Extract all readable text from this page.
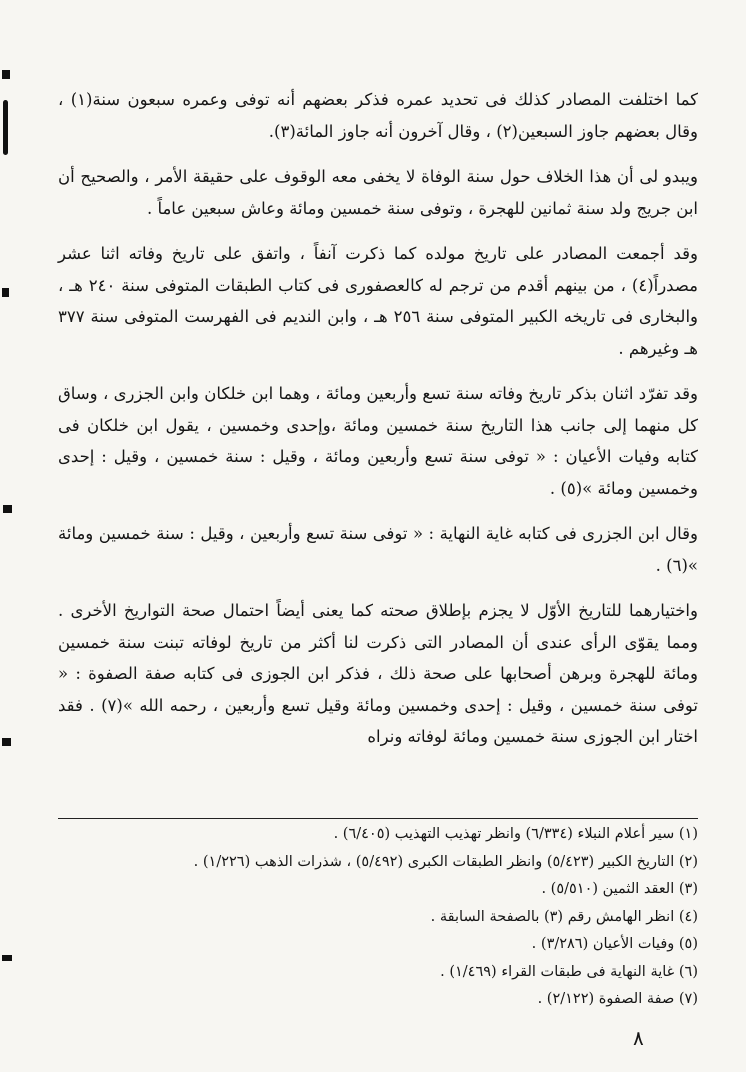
كما اختلفت المصادر كذلك فى تحديد عمره فذكر بعضهم أنه توفى وعمره سبعون سنة(١) ، وقال بعضهم جاوز السبعين(٢) ، وقال آخرون أنه جاوز المائة(٣).

ويبدو لى أن هذا الخلاف حول سنة الوفاة لا يخفى معه الوقوف على حقيقة الأمر ، والصحيح أن ابن جريج ولد سنة ثمانين للهجرة ، وتوفى سنة خمسين ومائة وعاش سبعين عاماً .

وقد أجمعت المصادر على تاريخ مولده كما ذكرت آنفاً ، واتفق على تاريخ وفاته اثنا عشر مصدراً(٤) ، من بينهم أقدم من ترجم له كالعصفورى فى كتاب الطبقات المتوفى سنة ٢٤٠ هـ ، والبخارى فى تاريخه الكبير المتوفى سنة ٢٥٦ هـ ، وابن النديم فى الفهرست المتوفى سنة ٣٧٧ هـ وغيرهم .

وقد تفرّد اثنان بذكر تاريخ وفاته سنة تسع وأربعين ومائة ، وهما ابن خلكان وابن الجزرى ، وساق كل منهما إلى جانب هذا التاريخ سنة خمسين ومائة ،وإحدى وخمسين ، يقول ابن خلكان فى كتابه وفيات الأعيان : « توفى سنة تسع وأربعين ومائة ، وقيل : سنة خمسين ، وقيل : إحدى وخمسين ومائة »(٥) .

وقال ابن الجزرى فى كتابه غاية النهاية : « توفى سنة تسع وأربعين ، وقيل : سنة خمسين ومائة »(٦) .

واختيارهما للتاريخ الأوّل لا يجزم بإطلاق صحته كما يعنى أيضاً احتمال صحة التواريخ الأخرى . ومما يقوّى الرأى عندى أن المصادر التى ذكرت لنا أكثر من تاريخ لوفاته تبنت سنة خمسين ومائة للهجرة وبرهن أصحابها على صحة ذلك ، فذكر ابن الجوزى فى كتابه صفة الصفوة : « توفى سنة خمسين ، وقيل : إحدى وخمسين ومائة وقيل تسع وأربعين ، رحمه الله »(٧) . فقد اختار ابن الجوزى سنة خمسين ومائة لوفاته ونراه

(١) سير أعلام النبلاء (٦/٣٣٤) وانظر تهذيب التهذيب (٦/٤٠٥) .
(٢) التاريخ الكبير (٥/٤٢٣) وانظر الطبقات الكبرى (٥/٤٩٢) ، شذرات الذهب (١/٢٢٦) .
(٣) العقد الثمين (٥/٥١٠) .
(٤) انظر الهامش رقم (٣) بالصفحة السابقة .
(٥) وفيات الأعيان (٣/٢٨٦) .
(٦) غاية النهاية فى طبقات القراء (١/٤٦٩) .
(٧) صفة الصفوة (٢/١٢٢) .
٨
